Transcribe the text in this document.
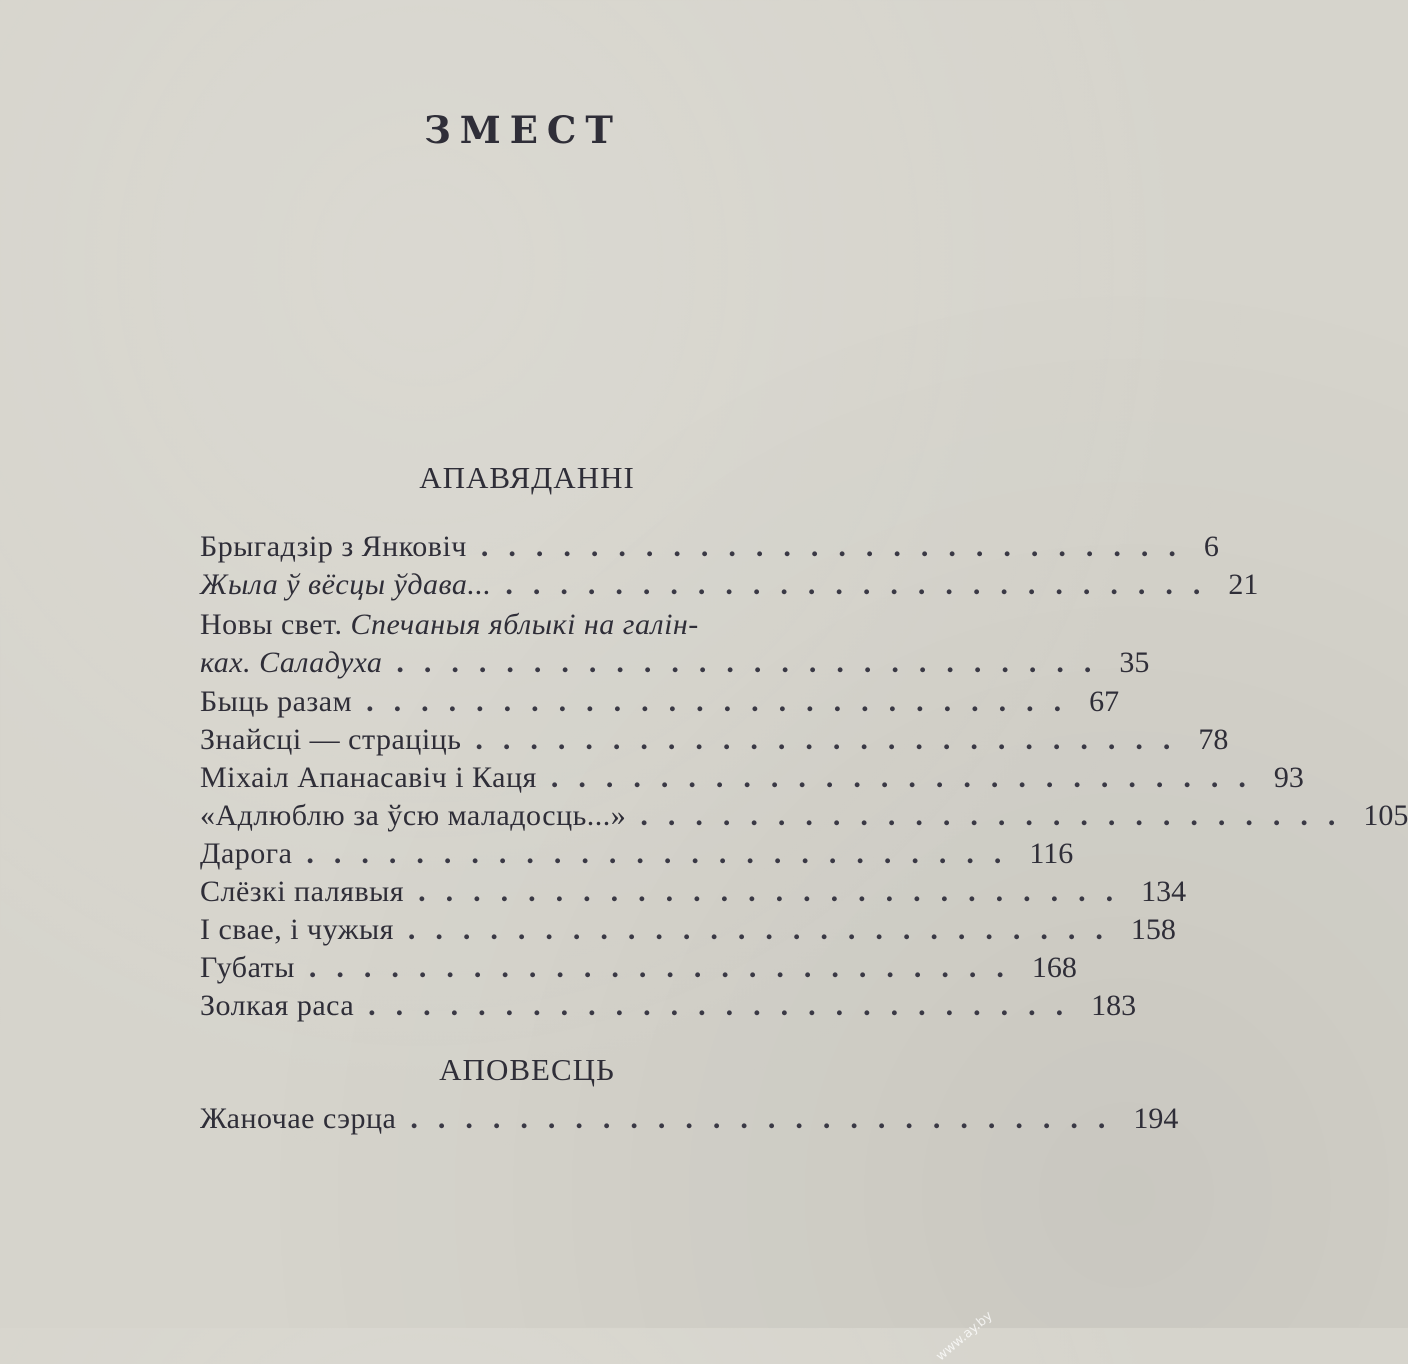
ЗМЕСТ
АПАВЯДАННІ
Брыгадзір з Янковіч .......................... 6
Жыла ў вёсцы ўдава... .......................... 21
Новы свет. Спечаныя яблыкі на галін-
ках. Саладуха .......................... 35
Быць разам .......................... 67
Знайсці — страціць .......................... 78
Міхаіл Апанасавіч і Каця .......................... 93
«Адлюблю за ўсю маладосць...» .......................... 105
Дарога .......................... 116
Слёзкі палявыя .......................... 134
І свае, і чужыя .......................... 158
Губаты .......................... 168
Золкая раса .......................... 183
АПОВЕСЦЬ
Жаночае сэрца .......................... 194
www.ay.by
